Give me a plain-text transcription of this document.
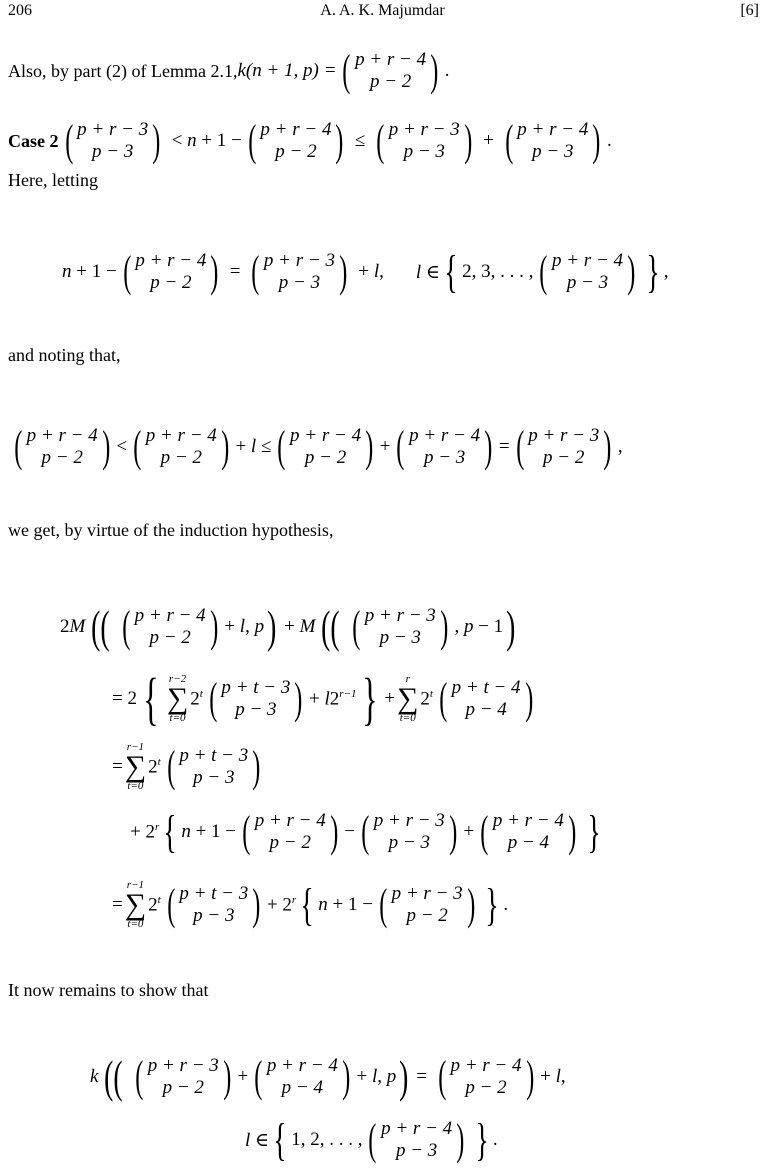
206	A. A. K. Majumdar	[6]
Also, by part (2) of Lemma 2.1, k(n + 1, p) = ( p + r − 4
p − 2 ) .
Case 2 ( p + r − 3
p − 3 ) < n + 1 − ( p + r − 4
p − 2 ) ≤ ( p + r − 3
p − 3 ) + ( p + r − 4
p − 3 ) .
Here, letting
n + 1 − ( p + r − 4
p − 2 ) = ( p + r − 3
p − 3 ) + l, l ∈ { 2, 3, . . . , ( p + r − 4
p − 3 ) } ,
and noting that,
( p + r − 4
p − 2 ) < ( p + r − 4
p − 2 ) + l ≤ ( p + r − 4
p − 2 ) + ( p + r − 4
p − 3 ) = ( p + r − 3
p − 2 ) ,
we get, by virtue of the induction hypothesis,
2M (( ( p + r − 4
p − 2 ) + l, p ) + M (( ( p + r − 3
p − 3 ) , p − 1 )
= 2 { r−2
∑
t=0
2$^t$ ( p + t − 3
p − 3 ) + $l2^{r-1}$ } +
r
∑
t=0
2$^t$ ( p + t − 4
p − 4 )
=
r−1
∑
t=0
2$^t$ ( p + t − 3
p − 3 )
+ $2^r$ { n + 1 − ( p + r − 4
p − 2 ) − ( p + r − 3
p − 3 ) + ( p + r − 4
p − 4 ) }
=
r−1
∑
t=0
2$^t$ ( p + t − 3
p − 3 ) + $2^r$ { n + 1 − ( p + r − 3
p − 2 ) } .
It now remains to show that
k (( ( p + r − 3
p − 2 ) + ( p + r − 4
p − 4 ) + l, p ) = ( p + r − 4
p − 2 ) + l,
l ∈ { 1, 2, . . . , ( p + r − 4
p − 3 ) } .
